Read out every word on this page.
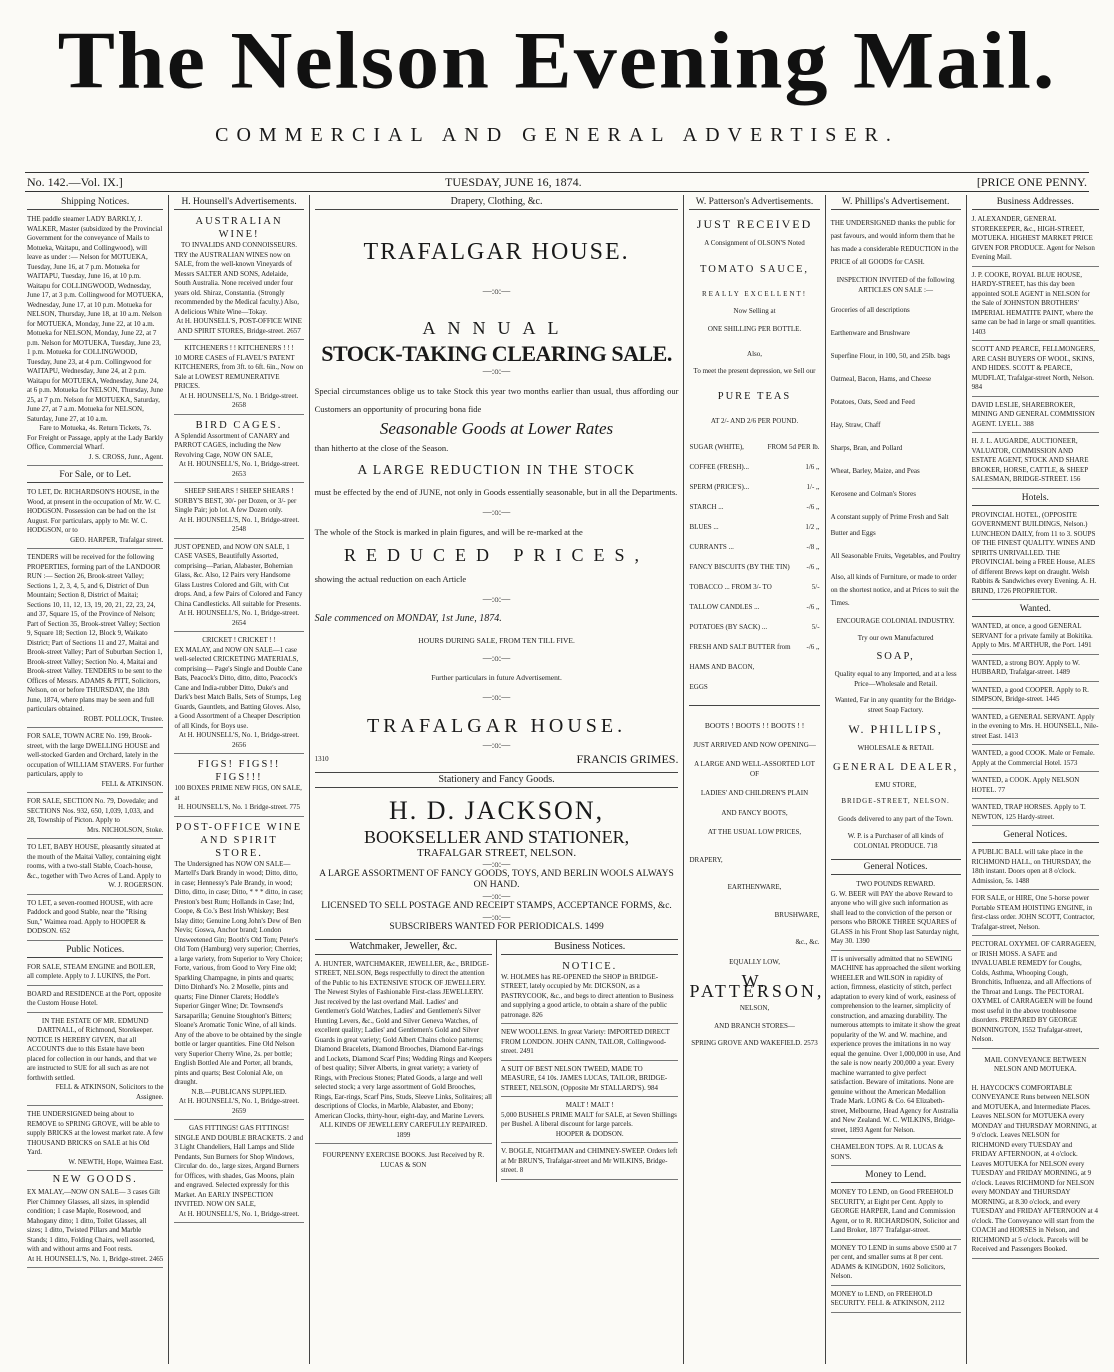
The Nelson Evening Mail.
COMMERCIAL AND GENERAL ADVERTISER.
No. 142.—Vol. IX.]	TUESDAY, JUNE 16, 1874.	[PRICE ONE PENNY.
Shipping Notices.

THE paddle steamer LADY BARKLY, J. WALKER, Master (subsidized by the Provincial Government for the conveyance of Mails to Motueka, Waitapu, and Collingwood), will leave as under :— Nelson for MOTUEKA, Tuesday, June 16, at 7 p.m. Motueka for WAITAPU, Tuesday, June 16, at 10 p.m. Waitapu for COLLINGWOOD, Wednesday, June 17, at 3 p.m. Collingwood for MOTUEKA, Wednesday, June 17, at 10 p.m. Motueka for NELSON, Thursday, June 18, at 10 a.m. Nelson for MOTUEKA, Monday, June 22, at 10 a.m. Motueka for NELSON, Monday, June 22, at 7 p.m. Nelson for MOTUEKA, Tuesday, June 23, 1 p.m. Motueka for COLLINGWOOD, Tuesday, June 23, at 4 p.m. Collingwood for WAITAPU, Wednesday, June 24, at 2 p.m. Waitapu for MOTUEKA, Wednesday, June 24, at 6 p.m. Motueka for NELSON, Thursday, June 25, at 7 p.m. Nelson for MOTUEKA, Saturday, June 27, at 7 a.m. Motueka for NELSON, Saturday, June 27, at 10 a.m.

Fare to Motueka, 4s. Return Tickets, 7s.

For Freight or Passage, apply at the Lady Barkly Office, Commercial Wharf.

J. S. CROSS, Junr., Agent.

For Sale, or to Let.

TO LET, Dr. RICHARDSON'S HOUSE, in the Wood, at present in the occupation of Mr. W. C. HODGSON. Possession can be had on the 1st August. For particulars, apply to Mr. W. C. HODGSON, or to

GEO. HARPER, Trafalgar street.

TENDERS will be received for the following PROPERTIES, forming part of the LANDOOR RUN :— Section 26, Brook-street Valley; Sections 1, 2, 3, 4, 5, and 6, District of Dun Mountain; Section 8, District of Maitai; Sections 10, 11, 12, 13, 19, 20, 21, 22, 23, 24, and 37, Square 15, of the Province of Nelson; Part of Section 35, Brook-street Valley; Section 9, Square 18; Section 12, Block 9, Waikato District; Part of Sections 11 and 27, Maitai and Brook-street Valley; Part of Suburban Section 1, Brook-street Valley; Section No. 4, Maitai and Brook-street Valley. TENDERS to be sent to the Offices of Messrs. ADAMS & PITT, Solicitors, Nelson, on or before THURSDAY, the 18th June, 1874, where plans may be seen and full particulars obtained.

ROBT. POLLOCK, Trustee.

FOR SALE, TOWN ACRE No. 199, Brook-street, with the large DWELLING HOUSE and well-stocked Garden and Orchard, lately in the occupation of WILLIAM STAVERS. For further particulars, apply to

FELL & ATKINSON.

FOR SALE, SECTION No. 79, Dovedale; and SECTIONS Nos. 932, 650, 1,039, 1,033, and 28, Township of Picton. Apply to

Mrs. NICHOLSON, Stoke.

TO LET, BABY HOUSE, pleasantly situated at the mouth of the Maitai Valley, containing eight rooms, with a two-stall Stable, Coach-house, &c., together with Two Acres of Land. Apply to

W. J. ROGERSON.

TO LET, a seven-roomed HOUSE, with acre Paddock and good Stable, near the "Rising Sun," Waimea road. Apply to HOOPER & DODSON. 652

Public Notices.

FOR SALE, STEAM ENGINE and BOILER, all complete. Apply to J. LUKINS, the Port.

BOARD and RESIDENCE at the Port, opposite the Custom House Hotel.

IN THE ESTATE OF MR. EDMUND DARTNALL, of Richmond, Storekeeper.

NOTICE IS HEREBY GIVEN, that all ACCOUNTS due to this Estate have been placed for collection in our hands, and that we are instructed to SUE for all such as are not forthwith settled.

FELL & ATKINSON, Solicitors to the Assignee.

THE UNDERSIGNED being about to REMOVE to SPRING GROVE, will be able to supply BRICKS at the lowest market rate. A few THOUSAND BRICKS on SALE at his Old Yard.

W. NEWTH, Hope, Waimea East.

NEW GOODS.

EX MALAY,—NOW ON SALE— 3 cases Gilt Pier Chimney Glasses, all sizes, in splendid condition; 1 case Maple, Rosewood, and Mahogany ditto; 1 ditto, Toilet Glasses, all sizes; 1 ditto, Twisted Pillars and Marble Stands; 1 ditto, Folding Chairs, well assorted, with and without arms and Foot rests.

At H. HOUNSELL'S, No. 1, Bridge-street. 2465

H. Hounsell's Advertisements.
AUSTRALIAN WINE!

TO INVALIDS AND CONNOISSEURS.

TRY the AUSTRALIAN WINES now on SALE, from the well-known Vineyards of Messrs SALTER AND SONS, Adelaide, South Australia. None received under four years old. Shiraz, Constantia. (Strongly recommended by the Medical faculty.) Also, A delicious White Wine—Tokay.

At H. HOUNSELL'S, POST-OFFICE WINE AND SPIRIT STORES, Bridge-street. 2657

KITCHENERS ! ! KITCHENERS ! ! !

10 MORE CASES of FLAVEL'S PATENT KITCHENERS, from 3ft. to 6ft. 6in., Now on Sale at LOWEST REMUNERATIVE PRICES.

At H. HOUNSELL'S, No. 1 Bridge-street. 2658

BIRD CAGES.

A Splendid Assortment of CANARY and PARROT CAGES, including the New Revolving Cage, NOW ON SALE,

At H. HOUNSELL'S, No. 1, Bridge-street. 2653

SHEEP SHEARS ! SHEEP SHEARS !

SORBY'S BEST, 30/- per Dozen, or 3/- per Single Pair; job lot. A few Dozen only.

At H. HOUNSELL'S, No. 1, Bridge-street. 2548

JUST OPENED, and NOW ON SALE, 1 CASE VASES, Beautifully Assorted, comprising—Parian, Alabaster, Bohemian Glass, &c. Also, 12 Pairs very Handsome Glass Lustres Colored and Gilt, with Cut drops. And, a few Pairs of Colored and Fancy China Candlesticks. All suitable for Presents.

At H. HOUNSELL'S, No. 1, Bridge-street. 2654

CRICKET ! CRICKET ! !

EX MALAY, and NOW ON SALE—1 case well-selected CRICKETING MATERIALS, comprising— Page's Single and Double Cane Bats, Peacock's Ditto, ditto, ditto, Peacock's Cane and India-rubber Ditto, Duke's and Dark's best Match Balls, Sets of Stumps, Leg Guards, Gauntlets, and Batting Gloves. Also, a Good Assortment of a Cheaper Description of all Kinds, for Boys use.

At H. HOUNSELL'S, No. 1, Bridge-street. 2656

FIGS! FIGS!! FIGS!!!

100 BOXES PRIME NEW FIGS, ON SALE, at

H. HOUNSELL'S, No. 1 Bridge-street. 775

POST-OFFICE WINE AND SPIRIT STORE.

The Undersigned has NOW ON SALE—Martell's Dark Brandy in wood; Ditto, ditto, in case; Hennessy's Pale Brandy, in wood; Ditto, ditto, in case; Ditto, * * * ditto, in case; Preston's best Rum; Hollands in Case; Ind, Coope, & Co.'s Best Irish Whiskey; Best Islay ditto; Genuine Long John's Dew of Ben Nevis; Goswa, Anchor brand; London Unsweetened Gin; Booth's Old Tom; Peter's Old Tom (Hamburg) very superior; Cherries, a large variety, from Superior to Very Choice; Forte, various, from Good to Very Fine old; Sparkling Champagne, in pints and quarts; Ditto Dinhard's No. 2 Moselle, pints and quarts; Fine Dinner Clarets; Hoddle's Superior Ginger Wine; Dr. Townsend's Sarsaparilla; Genuine Stoughton's Bitters; Sloane's Aromatic Tonic Wine, of all kinds. Any of the above to be obtained by the single bottle or larger quantities. Fine Old Nelson very Superior Cherry Wine, 2s. per bottle; English Bottled Ale and Porter, all brands, pints and quarts; Best Colonial Ale, on draught.

N.B.—PUBLICANS SUPPLIED.

At H. HOUNSELL'S, No. 1, Bridge-street. 2659

GAS FITTINGS! GAS FITTINGS!

SINGLE AND DOUBLE BRACKETS. 2 and 3 Light Chandeliers, Hall Lamps and Slide Pendants, Sun Burners for Shop Windows, Circular do. do., large sizes, Argand Burners for Offices, with shades, Gas Moons, plain and engraved. Selected expressly for this Market. An EARLY INSPECTION INVITED. NOW ON SALE,

At H. HOUNSELL'S, No. 1, Bridge-street.

Drapery, Clothing, &c.
TRAFALGAR HOUSE.
—:o:—
ANNUAL
STOCK-TAKING CLEARING SALE.
—:o:—

Special circumstances oblige us to take Stock this year two months earlier than usual, thus affording our Customers an opportunity of procuring bona fide

Seasonable Goods at Lower Rates

than hitherto at the close of the Season.

A LARGE REDUCTION IN THE STOCK

must be effected by the end of JUNE, not only in Goods essentially seasonable, but in all the Departments.

—:o:—

The whole of the Stock is marked in plain figures, and will be re-marked at the

REDUCED PRICES,

showing the actual reduction on each Article

—:o:—

Sale commenced on MONDAY, 1st June, 1874.

HOURS DURING SALE, FROM TEN TILL FIVE.

—:o:—

Further particulars in future Advertisement.

—:o:—
TRAFALGAR HOUSE.
—:o:—
1310	FRANCIS GRIMES.
Stationery and Fancy Goods.
H. D. JACKSON,
BOOKSELLER AND STATIONER,
TRAFALGAR STREET, NELSON.
—:o:—
A LARGE ASSORTMENT OF FANCY GOODS, TOYS, AND BERLIN WOOLS ALWAYS ON HAND.
—:o:—
LICENSED TO SELL POSTAGE AND RECEIPT STAMPS, ACCEPTANCE FORMS, &c.
—:o:—
SUBSCRIBERS WANTED FOR PERIODICALS. 1499
Watchmaker, Jeweller, &c.

A. HUNTER, WATCHMAKER, JEWELLER, &c., BRIDGE-STREET, NELSON, Begs respectfully to direct the attention of the Public to his EXTENSIVE STOCK OF JEWELLERY. The Newest Styles of Fashionable First-class JEWELLERY. Just received by the last overland Mail. Ladies' and Gentlemen's Gold Watches, Ladies' and Gentlemen's Silver Hunting Levers, &c., Gold and Silver Geneva Watches, of excellent quality; Ladies' and Gentlemen's Gold and Silver Guards in great variety; Gold Albert Chains choice patterns; Diamond Bracelets, Diamond Brooches, Diamond Ear-rings and Lockets, Diamond Scarf Pins; Wedding Rings and Keepers of best quality; Silver Alberts, in great variety; a variety of Rings, with Precious Stones; Plated Goods, a large and well selected stock; a very large assortment of Gold Brooches, Rings, Ear-rings, Scarf Pins, Studs, Sleeve Links, Solitaires; all descriptions of Clocks, in Marble, Alabaster, and Ebony; American Clocks, thirty-hour, eight-day, and Marine Levers.

ALL KINDS OF JEWELLERY CAREFULLY REPAIRED. 1899

FOURPENNY EXERCISE BOOKS. Just Received by R. LUCAS & SON

Business Notices.

NOTICE.

W. HOLMES has RE-OPENED the SHOP in BRIDGE-STREET, lately occupied by Mr. DICKSON, as a PASTRYCOOK, &c., and begs to direct attention to Business and supplying a good article, to obtain a share of the public patronage. 826

NEW WOOLLENS. In great Variety: IMPORTED DIRECT FROM LONDON. JOHN CANN, TAILOR, Collingwood-street. 2491

A SUIT OF BEST NELSON TWEED, MADE TO MEASURE, £4 10s. JAMES LUCAS, TAILOR, BRIDGE-STREET, NELSON, (Opposite Mr STALLARD'S). 984

MALT ! MALT !

5,000 BUSHELS PRIME MALT for SALE, at Seven Shillings per Bushel. A liberal discount for large parcels.

HOOPER & DODSON.

V. BOGLE, NIGHTMAN and CHIMNEY-SWEEP. Orders left at Mr BRUN'S, Trafalgar-street and Mr WILKINS, Bridge-street. 8

W. Patterson's Advertisements.
JUST RECEIVED

A Consignment of OLSON'S Noted

TOMATO SAUCE,

REALLY EXCELLENT!

Now Selling at

ONE SHILLING PER BOTTLE.

Also,

To meet the present depression, we Sell our

PURE TEAS

AT 2/- AND 2/6 PER POUND.

SUGAR (WHITE),	FROM 5d PER lb.
COFFEE (FRESH)...	1/6 ,,
SPERM (PRICE'S)...	1/- ,,
STARCH ...	-/6 ,,
BLUES ...	1/2 ,,
CURRANTS ...	-/8 ,,
FANCY BISCUITS (BY THE TIN) -/6 ,,
TOBACCO ... FROM 3/- TO	5/-
TALLOW CANDLES ...	-/6 ,,
POTATOES (BY SACK) ...	5/-
FRESH AND SALT BUTTER from -/6 ,,
HAMS AND BACON,
EGGS

BOOTS ! BOOTS ! ! BOOTS ! !

JUST ARRIVED AND NOW OPENING—

A LARGE AND WELL-ASSORTED LOT OF

LADIES' AND CHILDREN'S PLAIN

AND FANCY BOOTS,

AT THE USUAL LOW PRICES,

DRAPERY,

EARTHENWARE,

BRUSHWARE,

&c., &c.

EQUALLY LOW,

W. PATTERSON,

NELSON,

AND BRANCH STORES—

SPRING GROVE AND WAKEFIELD. 2573

W. Phillips's Advertisement.

THE UNDERSIGNED thanks the public for past favours, and would inform them that he has made a considerable REDUCTION in the PRICE of all GOODS for CASH.

INSPECTION INVITED of the following ARTICLES ON SALE :—

Groceries of all descriptions

Earthenware and Brushware

Superfine Flour, in 100, 50, and 25lb. bags

Oatmeal, Bacon, Hams, and Cheese

Potatoes, Oats, Seed and Feed

Hay, Straw, Chaff

Sharps, Bran, and Pollard

Wheat, Barley, Maize, and Peas

Kerosene and Colman's Stores

A constant supply of Prime Fresh and Salt Butter and Eggs

All Seasonable Fruits, Vegetables, and Poultry

Also, all kinds of Furniture, or made to order on the shortest notice, and at Prices to suit the Times.

ENCOURAGE COLONIAL INDUSTRY.

Try our own Manufactured

SOAP,

Quality equal to any Imported, and at a less Price—Wholesale and Retail.

Wanted, Far in any quantity for the Bridge-street Soap Factory.

W. PHILLIPS,

WHOLESALE & RETAIL

GENERAL DEALER,

EMU STORE,

BRIDGE-STREET, NELSON.

Goods delivered to any part of the Town.

W. P. is a Purchaser of all kinds of COLONIAL PRODUCE. 718

General Notices.

TWO POUNDS REWARD.

G. W. BEER will PAY the above Reward to anyone who will give such information as shall lead to the conviction of the person or persons who BROKE THREE SQUARES of GLASS in his Front Shop last Saturday night, May 30. 1390

IT is universally admitted that no SEWING MACHINE has approached the silent working WHEELER and WILSON in rapidity of action, firmness, elasticity of stitch, perfect adaptation to every kind of work, easiness of comprehension to the learner, simplicity of construction, and amazing durability. The numerous attempts to imitate it show the great popularity of the W. and W. machine, and experience proves the imitations in no way equal the genuine. Over 1,000,000 in use, And the sale is now nearly 200,000 a year. Every machine warranted to give perfect satisfaction. Beware of imitations. None are genuine without the American Medallion Trade Mark. LONG & Co. 64 Elizabeth-street, Melbourne, Head Agency for Australia and New Zealand. W. C. WILKINS, Bridge-street, 1893 Agent for Nelson.

CHAMELEON TOPS. At R. LUCAS & SON'S.

Money to Lend.

MONEY TO LEND, on Good FREEHOLD SECURITY, at Eight per Cent. Apply to GEORGE HARPER, Land and Commission Agent, or to R. RICHARDSON, Solicitor and Land Broker, 1877 Trafalgar-street.

MONEY TO LEND in sums above £500 at 7 per cent, and smaller sums at 8 per cent. ADAMS & KINGDON, 1602 Solicitors, Nelson.

MONEY to LEND, on FREEHOLD SECURITY. FELL & ATKINSON, 2112

Business Addresses.

J. ALEXANDER, GENERAL STOREKEEPER, &c., HIGH-STREET, MOTUEKA. HIGHEST MARKET PRICE GIVEN FOR PRODUCE. Agent for Nelson Evening Mail.

J. P. COOKE, ROYAL BLUE HOUSE, HARDY-STREET, has this day been appointed SOLE AGENT in NELSON for the Sale of JOHNSTON BROTHERS' IMPERIAL HEMATITE PAINT, where the same can be had in large or small quantities. 1403

SCOTT AND PEARCE, FELLMONGERS, ARE CASH BUYERS OF WOOL, SKINS, AND HIDES. SCOTT & PEARCE, MUDFLAT, Trafalgar-street North, Nelson. 984

DAVID LESLIE, SHAREBROKER, MINING AND GENERAL COMMISSION AGENT. LYELL. 388

H. J. L. AUGARDE, AUCTIONEER, VALUATOR, COMMISSION AND ESTATE AGENT, STOCK AND SHARE BROKER, HORSE, CATTLE, & SHEEP SALESMAN, BRIDGE-STREET. 156

Hotels.

PROVINCIAL HOTEL, (OPPOSITE GOVERNMENT BUILDINGS, Nelson.) LUNCHEON DAILY, from 11 to 3. SOUPS OF THE FINEST QUALITY. WINES AND SPIRITS UNRIVALLED. THE PROVINCIAL being a FREE House, ALES of different Brews kept on draught. Welsh Rabbits & Sandwiches every Evening. A. H. BRIND, 1726 PROPRIETOR.

Wanted.

WANTED, at once, a good GENERAL SERVANT for a private family at Bokitika. Apply to Mrs. M'ARTHUR, the Port. 1491

WANTED, a strong BOY. Apply to W. HUBBARD, Trafalgar-street. 1489

WANTED, a good COOPER. Apply to R. SIMPSON, Bridge-street. 1445

WANTED, a GENERAL SERVANT. Apply in the evening to Mrs. H. HOUNSELL, Nile-street East. 1413

WANTED, a good COOK. Male or Female. Apply at the Commercial Hotel. 1573

WANTED, a COOK. Apply NELSON HOTEL. 77

WANTED, TRAP HORSES. Apply to T. NEWTON, 125 Hardy-street.

General Notices.

A PUBLIC BALL will take place in the RICHMOND HALL, on THURSDAY, the 18th instant. Doors open at 8 o'clock. Admission, 5s. 1488

FOR SALE, or HIRE, One 5-horse power Portable STEAM HOISTING ENGINE, in first-class order. JOHN SCOTT, Contractor, Trafalgar-street, Nelson.

PECTORAL OXYMEL OF CARRAGEEN, or IRISH MOSS. A SAFE and INVALUABLE REMEDY for Coughs, Colds, Asthma, Whooping Cough, Bronchitis, Influenza, and all Affections of the Throat and Lungs. The PECTORAL OXYMEL of CARRAGEEN will be found most useful in the above troublesome disorders. PREPARED BY GEORGE BONNINGTON, 1552 Trafalgar-street, Nelson.

MAIL CONVEYANCE BETWEEN NELSON AND MOTUEKA.

H. HAYCOCK'S COMFORTABLE CONVEYANCE Runs between NELSON and MOTUEKA, and Intermediate Places. Leaves NELSON for MOTUEKA every MONDAY and THURSDAY MORNING, at 9 o'clock. Leaves NELSON for RICHMOND every TUESDAY and FRIDAY AFTERNOON, at 4 o'clock. Leaves MOTUEKA for NELSON every TUESDAY and FRIDAY MORNING, at 9 o'clock. Leaves RICHMOND for NELSON every MONDAY and THURSDAY MORNING, at 8.30 o'clock, and every TUESDAY and FRIDAY AFTERNOON at 4 o'clock. The Conveyance will start from the COACH and HORSES in Nelson, and RICHMOND at 5 o'clock. Parcels will be Received and Passengers Booked.
